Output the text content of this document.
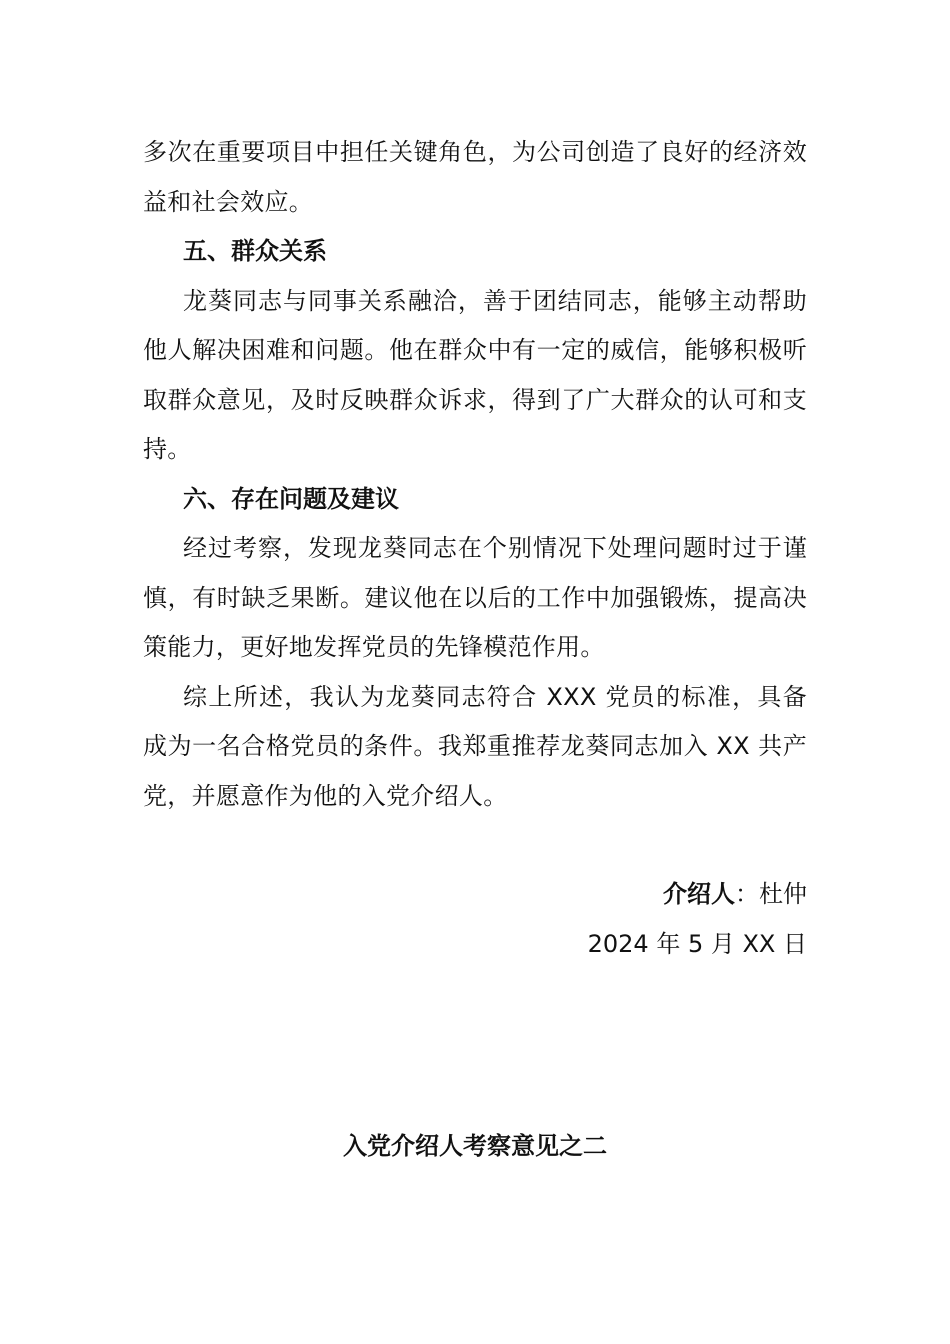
多次在重要项目中担任关键角色，为公司创造了良好的经济效益和社会效应。

五、群众关系

龙葵同志与同事关系融洽，善于团结同志，能够主动帮助他人解决困难和问题。他在群众中有一定的威信，能够积极听取群众意见，及时反映群众诉求，得到了广大群众的认可和支持。

六、存在问题及建议

经过考察，发现龙葵同志在个别情况下处理问题时过于谨慎，有时缺乏果断。建议他在以后的工作中加强锻炼，提高决策能力，更好地发挥党员的先锋模范作用。

综上所述，我认为龙葵同志符合 XXX 党员的标准，具备成为一名合格党员的条件。我郑重推荐龙葵同志加入 XX 共产党，并愿意作为他的入党介绍人。

介绍人：杜仲

2024 年 5 月 XX 日

入党介绍人考察意见之二
